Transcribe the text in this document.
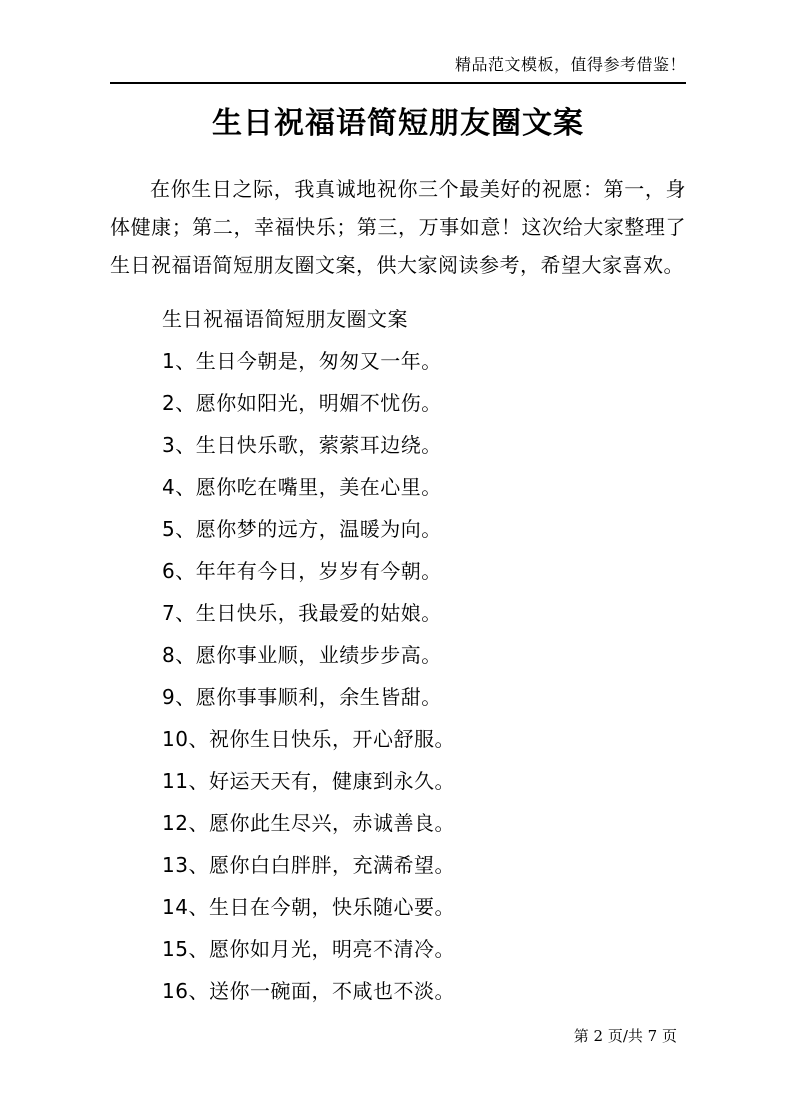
精品范文模板，值得参考借鉴！
生日祝福语简短朋友圈文案

在你生日之际，我真诚地祝你三个最美好的祝愿：第一，身体健康；第二，幸福快乐；第三，万事如意！这次给大家整理了生日祝福语简短朋友圈文案，供大家阅读参考，希望大家喜欢。

生日祝福语简短朋友圈文案
1、生日今朝是，匆匆又一年。
2、愿你如阳光，明媚不忧伤。
3、生日快乐歌，萦萦耳边绕。
4、愿你吃在嘴里，美在心里。
5、愿你梦的远方，温暖为向。
6、年年有今日，岁岁有今朝。
7、生日快乐，我最爱的姑娘。
8、愿你事业顺，业绩步步高。
9、愿你事事顺利，余生皆甜。
10、祝你生日快乐，开心舒服。
11、好运天天有，健康到永久。
12、愿你此生尽兴，赤诚善良。
13、愿你白白胖胖，充满希望。
14、生日在今朝，快乐随心要。
15、愿你如月光，明亮不清冷。
16、送你一碗面，不咸也不淡。
第 2 页/共 7 页
